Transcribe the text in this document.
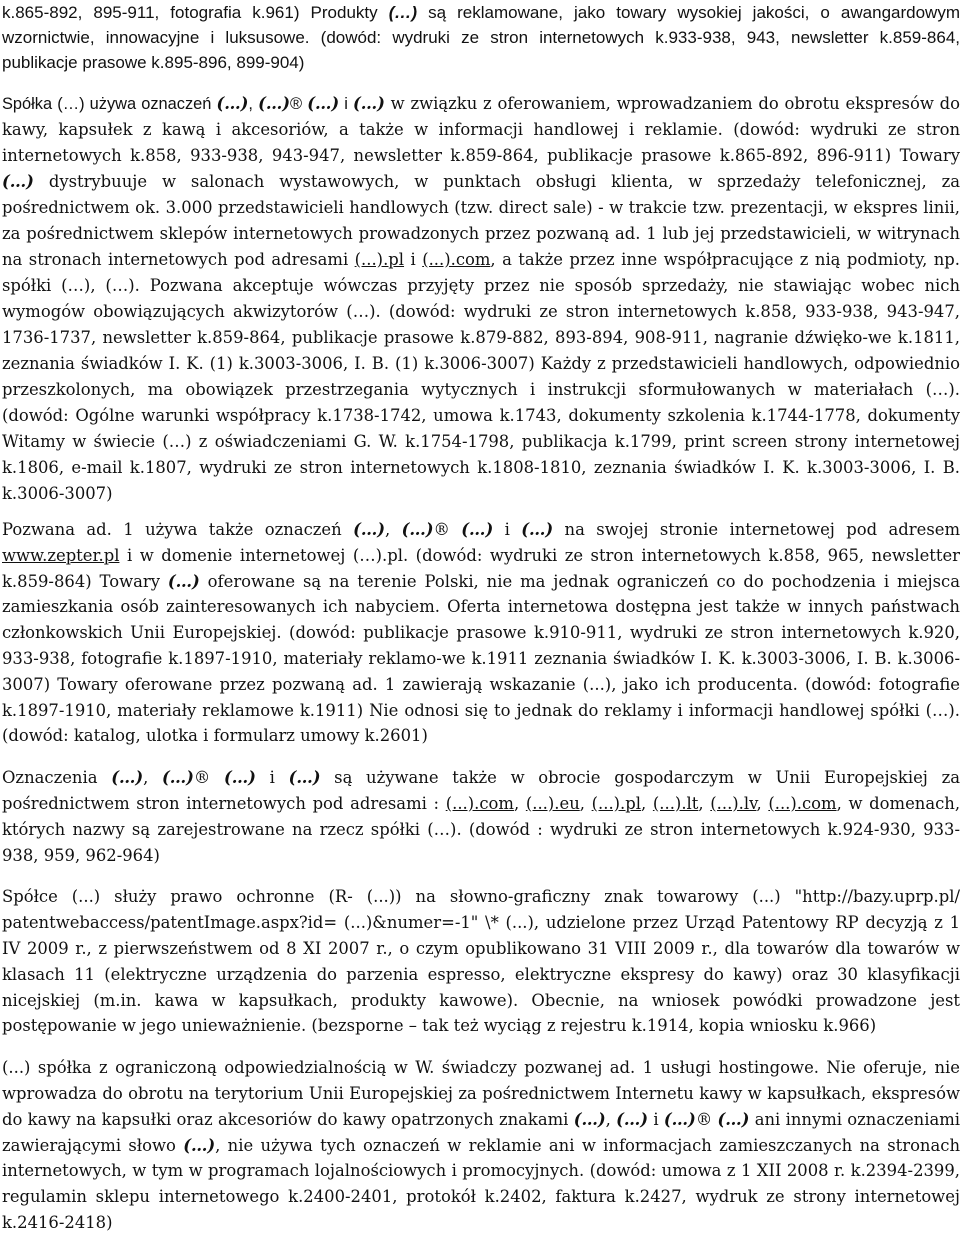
k.865-892, 895-911, fotografia k.961) Produkty (…) są reklamowane, jako towary wysokiej jakości, o awangardowym wzornictwie, innowacyjne i luksusowe. (dowód: wydruki ze stron internetowych k.933-938, 943, newsletter k.859-864, publikacje prasowe k.895-896, 899-904)

Spółka (…) używa oznaczeń (…), (…)® (…) i (…) w związku z oferowaniem, wprowadzaniem do obrotu ekspresów do kawy, kapsułek z kawą i akcesoriów, a także w informacji handlowej i reklamie. (dowód: wydruki ze stron internetowych k.858, 933-938, 943-947, newsletter k.859-864, publikacje prasowe k.865-892, 896-911) Towary (…) dystrybuuje w salonach wystawowych, w punktach obsługi klienta, w sprzedaży telefonicznej, za pośrednictwem ok. 3.000 przedstawicieli handlowych (tzw. direct sale) - w trakcie tzw. prezentacji, w ekspres linii, za pośrednictwem sklepów internetowych prowadzonych przez pozwaną ad. 1 lub jej przedstawicieli, w witrynach na stronach internetowych pod adresami (...).pl i (...).com, a także przez inne współpracujące z nią podmioty, np. spółki (…), (…). Pozwana akceptuje wówczas przyjęty przez nie sposób sprzedaży, nie stawiając wobec nich wymogów obowiązujących akwizytorów (…). (dowód: wydruki ze stron internetowych k.858, 933-938, 943-947, 1736-1737, newsletter k.859-864, publikacje prasowe k.879-882, 893-894, 908-911, nagranie dźwięko-we k.1811, zeznania świadków I. K. (1) k.3003-3006, I. B. (1) k.3006-3007) Każdy z przedstawicieli handlowych, odpowiednio przeszkolonych, ma obowiązek przestrzegania wytycznych i instrukcji sformułowanych w materiałach (…). (dowód: Ogólne warunki współpracy k.1738-1742, umowa k.1743, dokumenty szkolenia k.1744-1778, dokumenty Witamy w świecie (…) z oświadczeniami G. W. k.1754-1798, publikacja k.1799, print screen strony internetowej k.1806, e-mail k.1807, wydruki ze stron internetowych k.1808-1810, zeznania świadków I. K. k.3003-3006, I. B. k.3006-3007)

Pozwana ad. 1 używa także oznaczeń (…), (…)® (…) i (…) na swojej stronie internetowej pod adresem www.zepter.pl i w domenie internetowej (…).pl. (dowód: wydruki ze stron internetowych k.858, 965, newsletter k.859-864) Towary (…) oferowane są na terenie Polski, nie ma jednak ograniczeń co do pochodzenia i miejsca zamieszkania osób zainteresowanych ich nabyciem. Oferta internetowa dostępna jest także w innych państwach członkowskich Unii Europejskiej. (dowód: publikacje prasowe k.910-911, wydruki ze stron internetowych k.920, 933-938, fotografie k.1897-1910, materiały reklamo-we k.1911 zeznania świadków I. K. k.3003-3006, I. B. k.3006-3007) Towary oferowane przez pozwaną ad. 1 zawierają wskazanie (...), jako ich producenta. (dowód: fotografie k.1897-1910, materiały reklamowe k.1911) Nie odnosi się to jednak do reklamy i informacji handlowej spółki (…). (dowód: katalog, ulotka i formularz umowy k.2601)

Oznaczenia (…), (…)® (…) i (…) są używane także w obrocie gospodarczym w Unii Europejskiej za pośrednictwem stron internetowych pod adresami : (...).com, (...).eu, (...).pl, (...).lt, (...).lv, (...).com, w domenach, których nazwy są zarejestrowane na rzecz spółki (…). (dowód : wydruki ze stron internetowych k.924-930, 933-938, 959, 962-964)

Spółce (...) służy prawo ochronne (R- (...)) na słowno-graficzny znak towarowy (...) "http://bazy.uprp.pl/ patentwebaccess/patentImage.aspx?id= (...)&numer=-1" \* (...), udzielone przez Urząd Patentowy RP decyzją z 1 IV 2009 r., z pierwszeństwem od 8 XI 2007 r., o czym opublikowano 31 VIII 2009 r., dla towarów dla towarów w klasach 11 (elektryczne urządzenia do parzenia espresso, elektryczne ekspresy do kawy) oraz 30 klasyfikacji nicejskiej (m.in. kawa w kapsułkach, produkty kawowe). Obecnie, na wniosek powódki prowadzone jest postępowanie w jego unieważnienie. (bezsporne – tak też wyciąg z rejestru k.1914, kopia wniosku k.966)

(...) spółka z ograniczoną odpowiedzialnością w W. świadczy pozwanej ad. 1 usługi hostingowe. Nie oferuje, nie wprowadza do obrotu na terytorium Unii Europejskiej za pośrednictwem Internetu kawy w kapsułkach, ekspresów do kawy na kapsułki oraz akcesoriów do kawy opatrzonych znakami (…), (…) i (…)® (…) ani innymi oznaczeniami zawierającymi słowo (…), nie używa tych oznaczeń w reklamie ani w informacjach zamieszczanych na stronach internetowych, w tym w programach lojalnościowych i promocyjnych. (dowód: umowa z 1 XII 2008 r. k.2394-2399, regulamin sklepu internetowego k.2400-2401, protokół k.2402, faktura k.2427, wydruk ze strony internetowej k.2416-2418)
